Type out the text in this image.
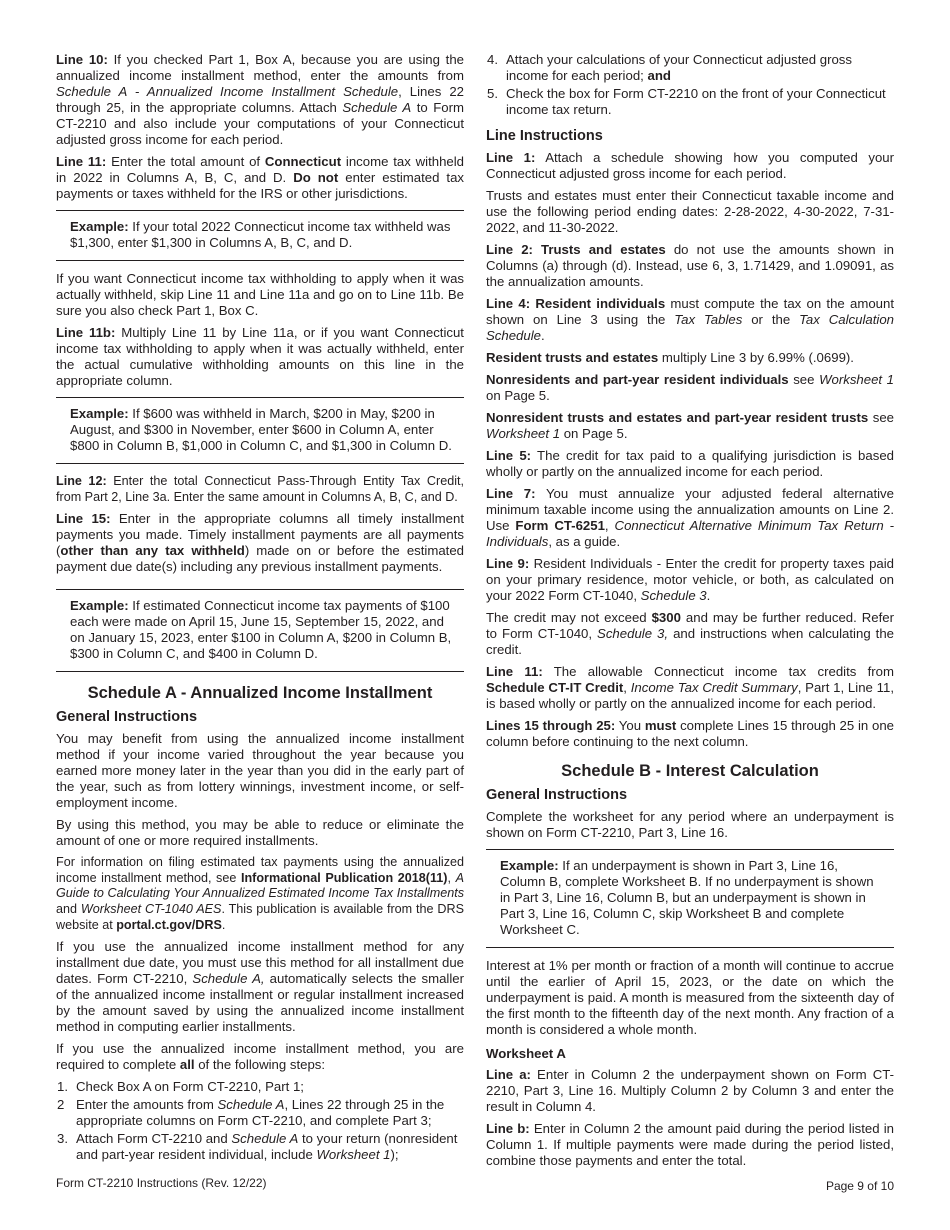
Line 10: If you checked Part 1, Box A, because you are using the annualized income installment method, enter the amounts from Schedule A - Annualized Income Installment Schedule, Lines 22 through 25, in the appropriate columns. Attach Schedule A to Form CT-2210 and also include your computations of your Connecticut adjusted gross income for each period.

Line 11: Enter the total amount of Connecticut income tax withheld in 2022 in Columns A, B, C, and D. Do not enter estimated tax payments or taxes withheld for the IRS or other jurisdictions.

Example: If your total 2022 Connecticut income tax withheld was $1,300, enter $1,300 in Columns A, B, C, and D.

If you want Connecticut income tax withholding to apply when it was actually withheld, skip Line 11 and Line 11a and go on to Line 11b. Be sure you also check Part 1, Box C.

Line 11b: Multiply Line 11 by Line 11a, or if you want Connecticut income tax withholding to apply when it was actually withheld, enter the actual cumulative withholding amounts on this line in the appropriate column.

Example: If $600 was withheld in March, $200 in May, $200 in August, and $300 in November, enter $600 in Column A, enter $800 in Column B, $1,000 in Column C, and $1,300 in Column D.

Line 12: Enter the total Connecticut Pass-Through Entity Tax Credit, from Part 2, Line 3a. Enter the same amount in Columns A, B, C, and D.

Line 15: Enter in the appropriate columns all timely installment payments you made. Timely installment payments are all payments (other than any tax withheld) made on or before the estimated payment due date(s) including any previous installment payments.

Example: If estimated Connecticut income tax payments of $100 each were made on April 15, June 15, September 15, 2022, and on January 15, 2023, enter $100 in Column A, $200 in Column B, $300 in Column C, and $400 in Column D.

Schedule A - Annualized Income Installment
General Instructions

You may benefit from using the annualized income installment method if your income varied throughout the year because you earned more money later in the year than you did in the early part of the year, such as from lottery winnings, investment income, or self-employment income.

By using this method, you may be able to reduce or eliminate the amount of one or more required installments.

For information on filing estimated tax payments using the annualized income installment method, see Informational Publication 2018(11), A Guide to Calculating Your Annualized Estimated Income Tax Installments and Worksheet CT-1040 AES. This publication is available from the DRS website at portal.ct.gov/DRS.

If you use the annualized income installment method for any installment due date, you must use this method for all installment due dates. Form CT-2210, Schedule A, automatically selects the smaller of the annualized income installment or regular installment increased by the amount saved by using the annualized income installment method in computing earlier installments.

If you use the annualized income installment method, you are required to complete all of the following steps:

1. Check Box A on Form CT-2210, Part 1;
2 Enter the amounts from Schedule A, Lines 22 through 25 in the appropriate columns on Form CT-2210, and complete Part 3;
3. Attach Form CT-2210 and Schedule A to your return (nonresident and part-year resident individual, include Worksheet 1);
4. Attach your calculations of your Connecticut adjusted gross income for each period; and
5. Check the box for Form CT-2210 on the front of your Connecticut income tax return.
Line Instructions

Line 1: Attach a schedule showing how you computed your Connecticut adjusted gross income for each period.

Trusts and estates must enter their Connecticut taxable income and use the following period ending dates: 2-28-2022, 4-30-2022, 7-31-2022, and 11-30-2022.

Line 2: Trusts and estates do not use the amounts shown in Columns (a) through (d). Instead, use 6, 3, 1.71429, and 1.09091, as the annualization amounts.

Line 4: Resident individuals must compute the tax on the amount shown on Line 3 using the Tax Tables or the Tax Calculation Schedule.

Resident trusts and estates multiply Line 3 by 6.99% (.0699).

Nonresidents and part-year resident individuals see Worksheet 1 on Page 5.

Nonresident trusts and estates and part-year resident trusts see Worksheet 1 on Page 5.

Line 5: The credit for tax paid to a qualifying jurisdiction is based wholly or partly on the annualized income for each period.

Line 7: You must annualize your adjusted federal alternative minimum taxable income using the annualization amounts on Line 2. Use Form CT-6251, Connecticut Alternative Minimum Tax Return - Individuals, as a guide.

Line 9: Resident Individuals - Enter the credit for property taxes paid on your primary residence, motor vehicle, or both, as calculated on your 2022 Form CT-1040, Schedule 3.

The credit may not exceed $300 and may be further reduced. Refer to Form CT-1040, Schedule 3, and instructions when calculating the credit.

Line 11: The allowable Connecticut income tax credits from Schedule CT-IT Credit, Income Tax Credit Summary, Part 1, Line 11, is based wholly or partly on the annualized income for each period.

Lines 15 through 25: You must complete Lines 15 through 25 in one column before continuing to the next column.

Schedule B - Interest Calculation
General Instructions

Complete the worksheet for any period where an underpayment is shown on Form CT-2210, Part 3, Line 16.

Example: If an underpayment is shown in Part 3, Line 16, Column B, complete Worksheet B. If no underpayment is shown in Part 3, Line 16, Column B, but an underpayment is shown in Part 3, Line 16, Column C, skip Worksheet B and complete Worksheet C.

Interest at 1% per month or fraction of a month will continue to accrue until the earlier of April 15, 2023, or the date on which the underpayment is paid. A month is measured from the sixteenth day of the first month to the fifteenth day of the next month. Any fraction of a month is considered a whole month.

Worksheet A

Line a: Enter in Column 2 the underpayment shown on Form CT-2210, Part 3, Line 16. Multiply Column 2 by Column 3 and enter the result in Column 4.

Line b: Enter in Column 2 the amount paid during the period listed in Column 1. If multiple payments were made during the period listed, combine those payments and enter the total.

Form CT-2210 Instructions (Rev. 12/22)	Page 9 of 10
